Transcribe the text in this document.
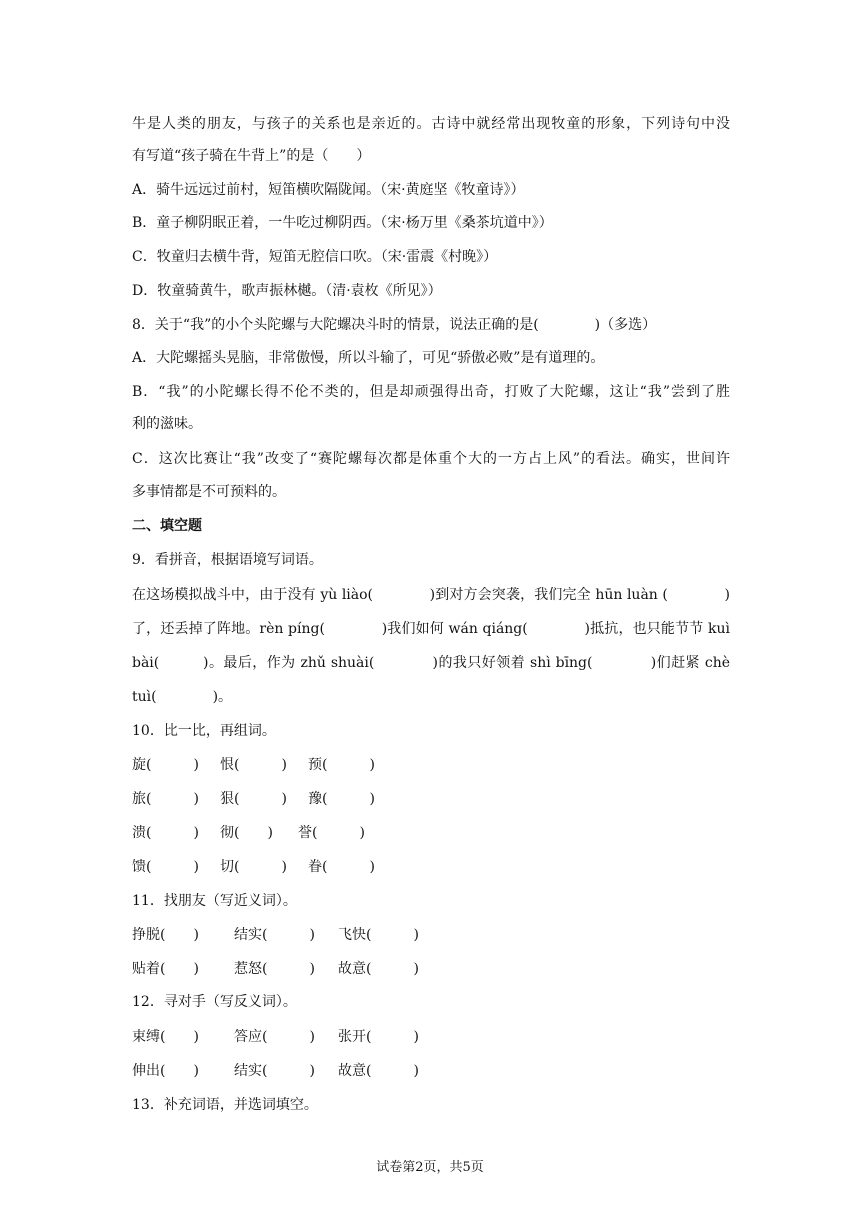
牛是人类的朋友，与孩子的关系也是亲近的。古诗中就经常出现牧童的形象，下列诗句中没
有写道“孩子骑在牛背上”的是（　　）
A．骑牛远远过前村，短笛横吹隔陇闻。（宋·黄庭坚《牧童诗》）
B．童子柳阴眠正着，一牛吃过柳阴西。（宋·杨万里《桑茶坑道中》）
C．牧童归去横牛背，短笛无腔信口吹。（宋·雷震《村晚》）
D．牧童骑黄牛，歌声振林樾。（清·袁枚《所见》）
8．关于“我”的小个头陀螺与大陀螺决斗时的情景，说法正确的是(　　　　)（多选）
A．大陀螺摇头晃脑，非常傲慢，所以斗输了，可见“骄傲必败”是有道理的。
B．“我”的小陀螺长得不伦不类的，但是却顽强得出奇，打败了大陀螺，这让“我”尝到了胜
利的滋味。
C．这次比赛让“我”改变了“赛陀螺每次都是体重个大的一方占上风”的看法。确实，世间许
多事情都是不可预料的。
二、填空题
9．看拼音，根据语境写词语。
在这场模拟战斗中，由于没有 yù liào(　　　　)到对方会突袭，我们完全 hūn luàn (　　　　)
了，还丢掉了阵地。rèn píng(　　　　)我们如何 wán qiáng(　　　　)抵抗，也只能节节 kuì
bài(　　　)。最后，作为 zhǔ shuài(　　　　)的我只好领着 shì bīng(　　　　)们赶紧 chè
tuì(　　　　)。
10．比一比，再组词。
旋(　　　) 恨(　　　) 预(　　　)
旅(　　　) 狠(　　　) 豫(　　　)
溃(　　　) 彻(　　) 誉(　　　)
馈(　　　) 切(　　　) 眷(　　　)
11．找朋友（写近义词）。
挣脱(　　)	结实(　　　) 飞快(　　　)
贴着(　　)	惹怒(　　　) 故意(　　　)
12．寻对手（写反义词）。
束缚(　　)	答应(　　　) 张开(　　　)
伸出(　　)	结实(　　　) 故意(　　　)
13．补充词语，并选词填空。
试卷第2页，共5页
